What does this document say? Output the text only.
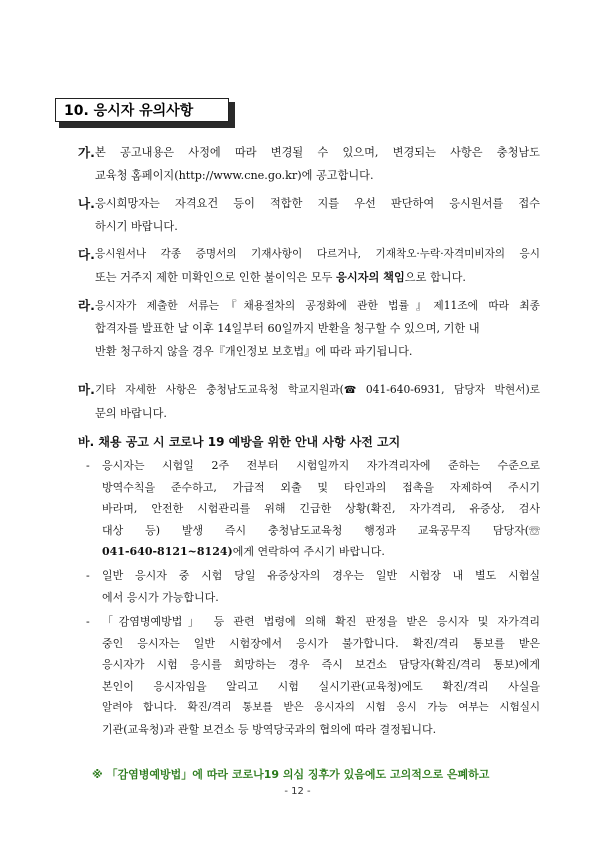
10. 응시자 유의사항
가. 본 공고내용은 사정에 따라 변경될 수 있으며, 변경되는 사항은 충청남도
교육청 홈페이지(http://www.cne.go.kr)에 공고합니다.
나. 응시희망자는 자격요건 등이 적합한 지를 우선 판단하여 응시원서를 접수
하시기 바랍니다.
다. 응시원서나 각종 증명서의 기재사항이 다르거나, 기재착오·누락·자격미비자의 응시
또는 거주지 제한 미확인으로 인한 불이익은 모두 응시자의 책임으로 합니다.
라. 응시자가 제출한 서류는『채용절차의 공정화에 관한 법률』제11조에 따라 최종
합격자를 발표한 날 이후 14일부터 60일까지 반환을 청구할 수 있으며, 기한 내
반환 청구하지 않을 경우『개인정보 보호법』에 따라 파기됩니다.
마. 기타 자세한 사항은 충청남도교육청 학교지원과(☎ 041-640-6931, 담당자 박현서)로
문의 바랍니다.
바. 채용 공고 시 코로나 19 예방을 위한 안내 사항 사전 고지
-	응시자는 시험일 2주 전부터 시험일까지 자가격리자에 준하는 수준으로
방역수칙을 준수하고, 가급적 외출 및 타인과의 접촉을 자제하여 주시기
바라며, 안전한 시험관리를 위해 긴급한 상황(확진, 자가격리, 유증상, 검사
대상 등) 발생 즉시 충청남도교육청 행정과 교육공무직 담당자(☏
041-640-8121~8124)에게 연락하여 주시기 바랍니다.
-	일반 응시자 중 시험 당일 유증상자의 경우는 일반 시험장 내 별도 시험실
에서 응시가 가능합니다.
-	「감염병예방법」 등 관련 법령에 의해 확진 판정을 받은 응시자 및 자가격리
중인 응시자는 일반 시험장에서 응시가 불가합니다. 확진/격리 통보를 받은
응시자가 시험 응시를 희망하는 경우 즉시 보건소 담당자(확진/격리 통보)에게
본인이 응시자임을 알리고 시험 실시기관(교육청)에도 확진/격리 사실을
알려야 합니다. 확진/격리 통보를 받은 응시자의 시험 응시 가능 여부는 시험실시
기관(교육청)과 관할 보건소 등 방역당국과의 협의에 따라 결정됩니다.
※ 「감염병예방법」에 따라 코로나19 의심 징후가 있음에도 고의적으로 은폐하고
- 12 -
